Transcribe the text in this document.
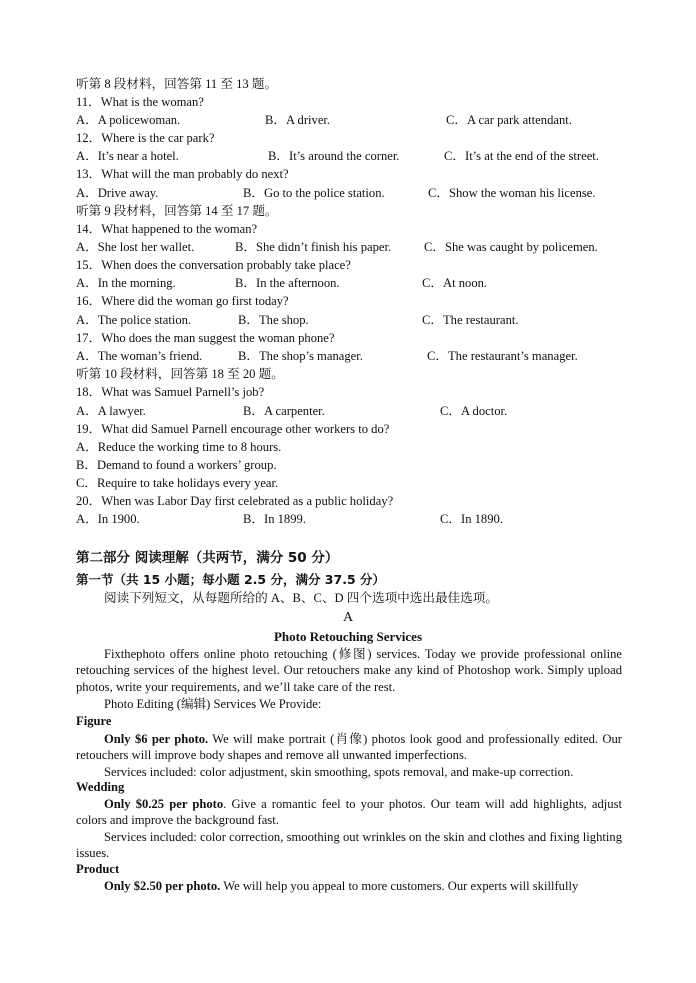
听第 8 段材料，回答第 11 至 13 题。
11．What is the woman?
A．A policewoman.	B．A driver.	C．A car park attendant.
12．Where is the car park?
A．It’s near a hotel.	B．It’s around the corner.	C．It’s at the end of the street.
13．What will the man probably do next?
A．Drive away.	B．Go to the police station.	C．Show the woman his license.
听第 9 段材料，回答第 14 至 17 题。
14．What happened to the woman?
A．She lost her wallet.	B．She didn’t finish his paper.	C．She was caught by policemen.
15．When does the conversation probably take place?
A．In the morning.	B．In the afternoon.	C．At noon.
16．Where did the woman go first today?
A．The police station.	B．The shop.	C．The restaurant.
17．Who does the man suggest the woman phone?
A．The woman’s friend.	B．The shop’s manager.	C．The restaurant’s manager.
听第 10 段材料，回答第 18 至 20 题。
18．What was Samuel Parnell’s job?
A．A lawyer.	B．A carpenter.	C．A doctor.
19．What did Samuel Parnell encourage other workers to do?
A．Reduce the working time to 8 hours.
B．Demand to found a workers’ group.
C．Require to take holidays every year.
20．When was Labor Day first celebrated as a public holiday?
A．In 1900.	B．In 1899.	C．In 1890.
第二部分 阅读理解（共两节，满分 50 分）
第一节（共 15 小题；每小题 2.5 分，满分 37.5 分）
阅读下列短文，从每题所给的 A、B、C、D 四个选项中选出最佳选项。
A
Photo Retouching Services
Fixthephoto offers online photo retouching (修图) services. Today we provide professional online retouching services of the highest level. Our retouchers make any kind of Photoshop work. Simply upload photos, write your requirements, and we’ll take care of the rest.
Photo Editing (编辑) Services We Provide:
Figure
Only $6 per photo. We will make portrait (肖像) photos look good and professionally edited. Our retouchers will improve body shapes and remove all unwanted imperfections.
Services included: color adjustment, skin smoothing, spots removal, and make-up correction.
Wedding
Only $0.25 per photo. Give a romantic feel to your photos. Our team will add highlights, adjust colors and improve the background fast.
Services included: color correction, smoothing out wrinkles on the skin and clothes and fixing lighting issues.
Product
Only $2.50 per photo. We will help you appeal to more customers. Our experts will skillfully
